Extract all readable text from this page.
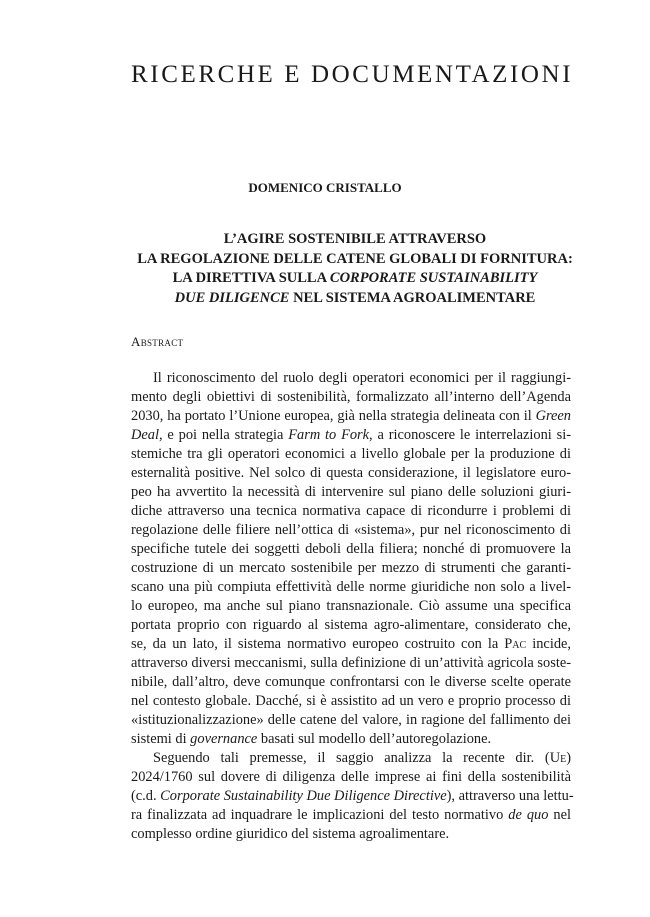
RICERCHE E DOCUMENTAZIONI
DOMENICO CRISTALLO
L’AGIRE SOSTENIBILE ATTRAVERSO
LA REGOLAZIONE DELLE CATENE GLOBALI DI FORNITURA:
LA DIRETTIVA SULLA CORPORATE SUSTAINABILITY
DUE DILIGENCE NEL SISTEMA AGROALIMENTARE
Abstract

Il riconoscimento del ruolo degli operatori economici per il raggiungi-
mento degli obiettivi di sostenibilità, formalizzato all’interno dell’Agenda
2030, ha portato l’Unione europea, già nella strategia delineata con il Green
Deal, e poi nella strategia Farm to Fork, a riconoscere le interrelazioni si-
stemiche tra gli operatori economici a livello globale per la produzione di
esternalità positive. Nel solco di questa considerazione, il legislatore euro-
peo ha avvertito la necessità di intervenire sul piano delle soluzioni giuri-
diche attraverso una tecnica normativa capace di ricondurre i problemi di
regolazione delle filiere nell’ottica di «sistema», pur nel riconoscimento di
specifiche tutele dei soggetti deboli della filiera; nonché di promuovere la
costruzione di un mercato sostenibile per mezzo di strumenti che garanti-
scano una più compiuta effettività delle norme giuridiche non solo a livel-
lo europeo, ma anche sul piano transnazionale. Ciò assume una specifica
portata proprio con riguardo al sistema agro-alimentare, considerato che,
se, da un lato, il sistema normativo europeo costruito con la Pac incide,
attraverso diversi meccanismi, sulla definizione di un’attività agricola soste-
nibile, dall’altro, deve comunque confrontarsi con le diverse scelte operate
nel contesto globale. Dacché, si è assistito ad un vero e proprio processo di
«istituzionalizzazione» delle catene del valore, in ragione del fallimento dei
sistemi di governance basati sul modello dell’autoregolazione.

Seguendo tali premesse, il saggio analizza la recente dir. (Ue)
2024/1760 sul dovere di diligenza delle imprese ai fini della sostenibilità
(c.d. Corporate Sustainability Due Diligence Directive), attraverso una lettu-
ra finalizzata ad inquadrare le implicazioni del testo normativo de quo nel
complesso ordine giuridico del sistema agroalimentare.
